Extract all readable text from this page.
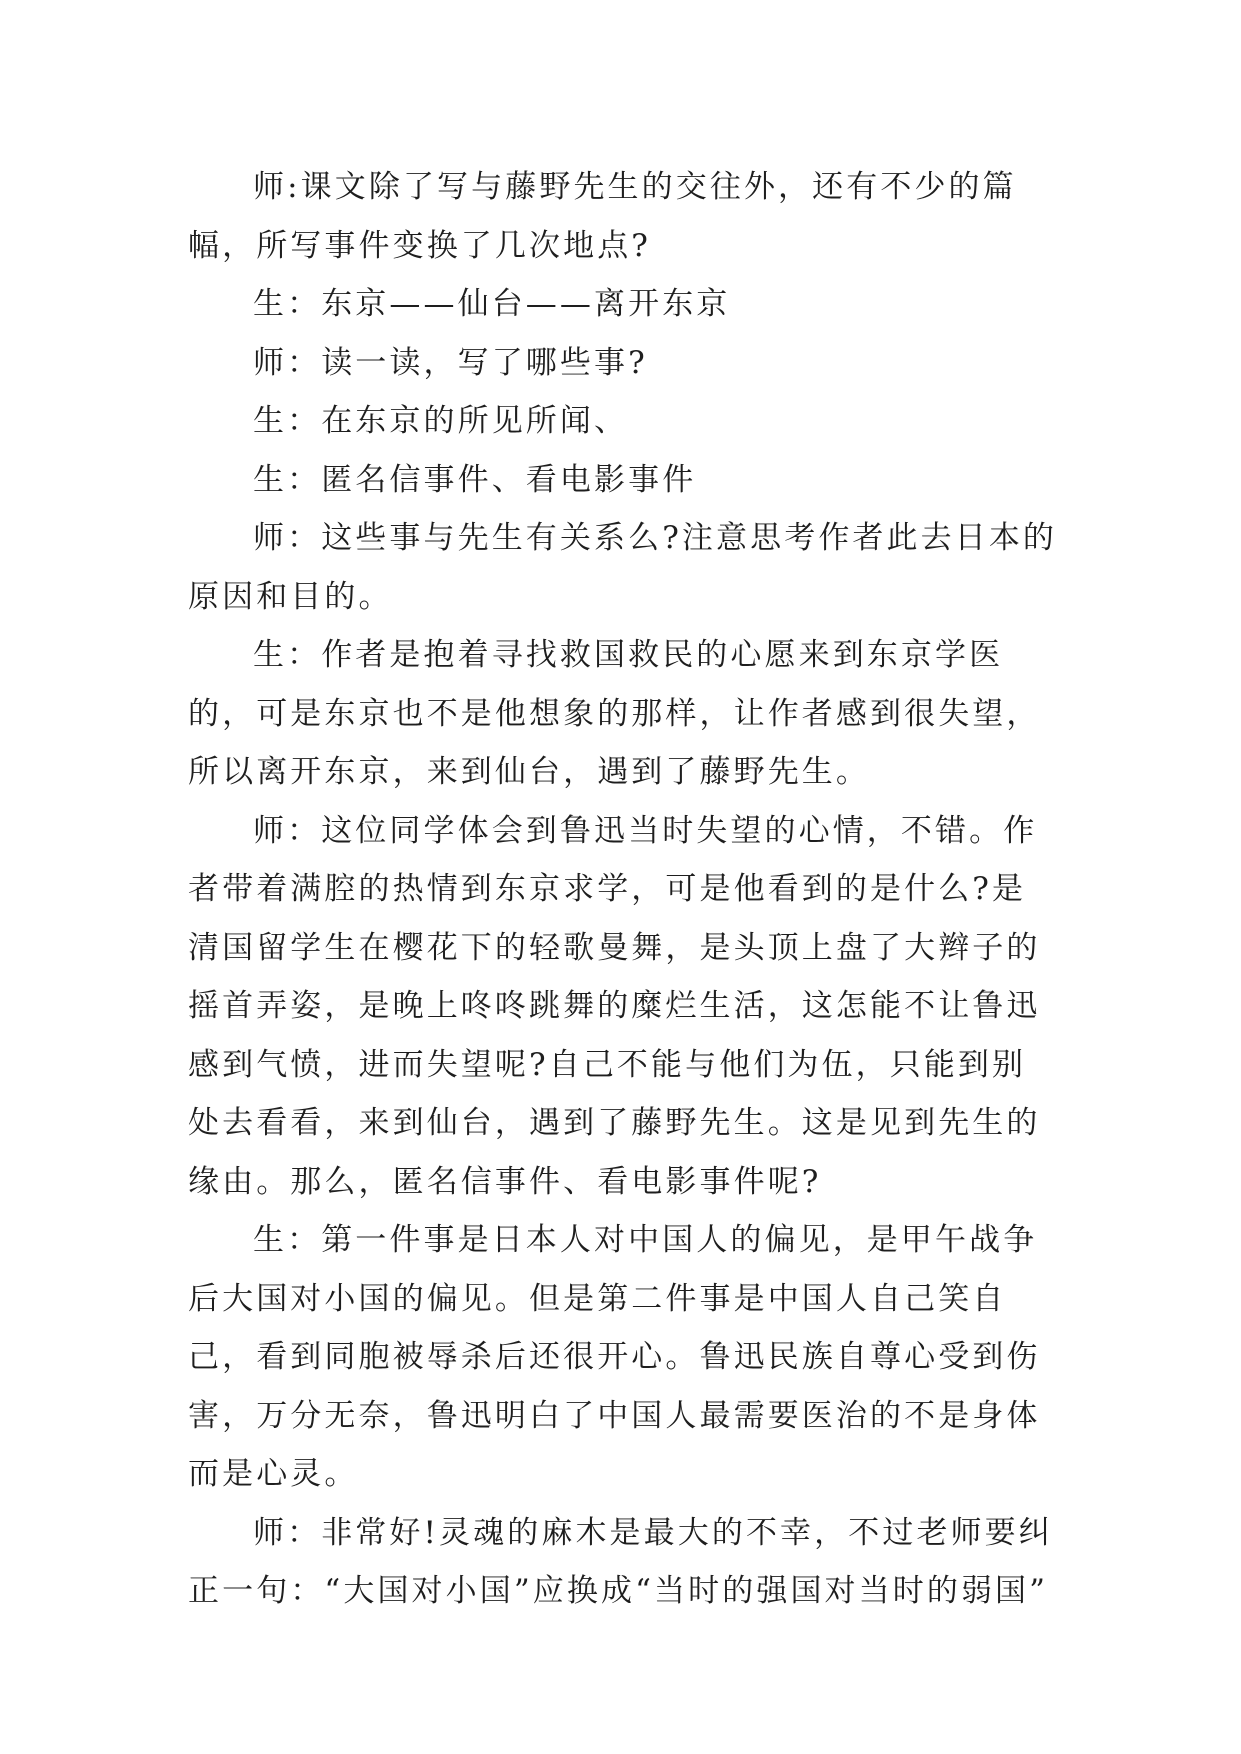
师:课文除了写与藤野先生的交往外，还有不少的篇幅，所写事件变换了几次地点?

生：东京——仙台——离开东京

师：读一读，写了哪些事?

生：在东京的所见所闻、

生：匿名信事件、看电影事件

师：这些事与先生有关系么?注意思考作者此去日本的原因和目的。

生：作者是抱着寻找救国救民的心愿来到东京学医的，可是东京也不是他想象的那样，让作者感到很失望，所以离开东京，来到仙台，遇到了藤野先生。

师：这位同学体会到鲁迅当时失望的心情，不错。作者带着满腔的热情到东京求学，可是他看到的是什么?是清国留学生在樱花下的轻歌曼舞，是头顶上盘了大辫子的摇首弄姿，是晚上咚咚跳舞的糜烂生活，这怎能不让鲁迅感到气愤，进而失望呢?自己不能与他们为伍，只能到别处去看看，来到仙台，遇到了藤野先生。这是见到先生的缘由。那么，匿名信事件、看电影事件呢?

生：第一件事是日本人对中国人的偏见，是甲午战争后大国对小国的偏见。但是第二件事是中国人自己笑自己，看到同胞被辱杀后还很开心。鲁迅民族自尊心受到伤害，万分无奈，鲁迅明白了中国人最需要医治的不是身体而是心灵。

师：非常好!灵魂的麻木是最大的不幸，不过老师要纠正一句：“大国对小国”应换成“当时的强国对当时的弱国”
